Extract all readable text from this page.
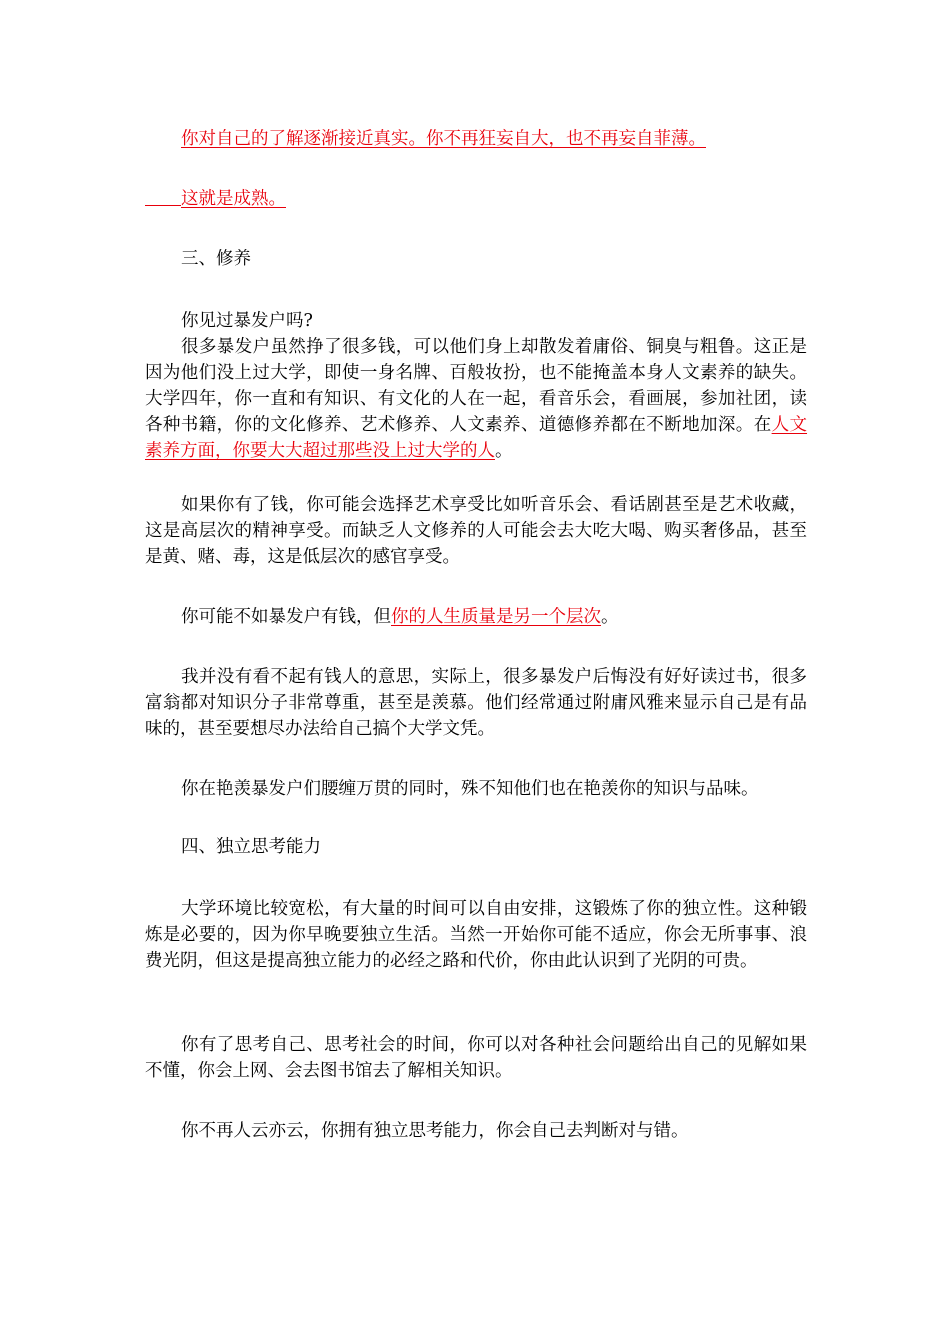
你对自己的了解逐渐接近真实。你不再狂妄自大，也不再妄自菲薄。

这就是成熟。

三、修养

你见过暴发户吗?

很多暴发户虽然挣了很多钱，可以他们身上却散发着庸俗、铜臭与粗鲁。这正是因为他们没上过大学，即使一身名牌、百般妆扮，也不能掩盖本身人文素养的缺失。大学四年，你一直和有知识、有文化的人在一起，看音乐会，看画展，参加社团，读各种书籍，你的文化修养、艺术修养、人文素养、道德修养都在不断地加深。在人文素养方面，你要大大超过那些没上过大学的人。

如果你有了钱，你可能会选择艺术享受比如听音乐会、看话剧甚至是艺术收藏，这是高层次的精神享受。而缺乏人文修养的人可能会去大吃大喝、购买奢侈品，甚至是黄、赌、毒，这是低层次的感官享受。

你可能不如暴发户有钱，但你的人生质量是另一个层次。

我并没有看不起有钱人的意思，实际上，很多暴发户后悔没有好好读过书，很多富翁都对知识分子非常尊重，甚至是羡慕。他们经常通过附庸风雅来显示自己是有品味的，甚至要想尽办法给自己搞个大学文凭。

你在艳羡暴发户们腰缠万贯的同时，殊不知他们也在艳羡你的知识与品味。

四、独立思考能力

大学环境比较宽松，有大量的时间可以自由安排，这锻炼了你的独立性。这种锻炼是必要的，因为你早晚要独立生活。当然一开始你可能不适应，你会无所事事、浪费光阴，但这是提高独立能力的必经之路和代价，你由此认识到了光阴的可贵。

你有了思考自己、思考社会的时间，你可以对各种社会问题给出自己的见解如果不懂，你会上网、会去图书馆去了解相关知识。

你不再人云亦云，你拥有独立思考能力，你会自己去判断对与错。
